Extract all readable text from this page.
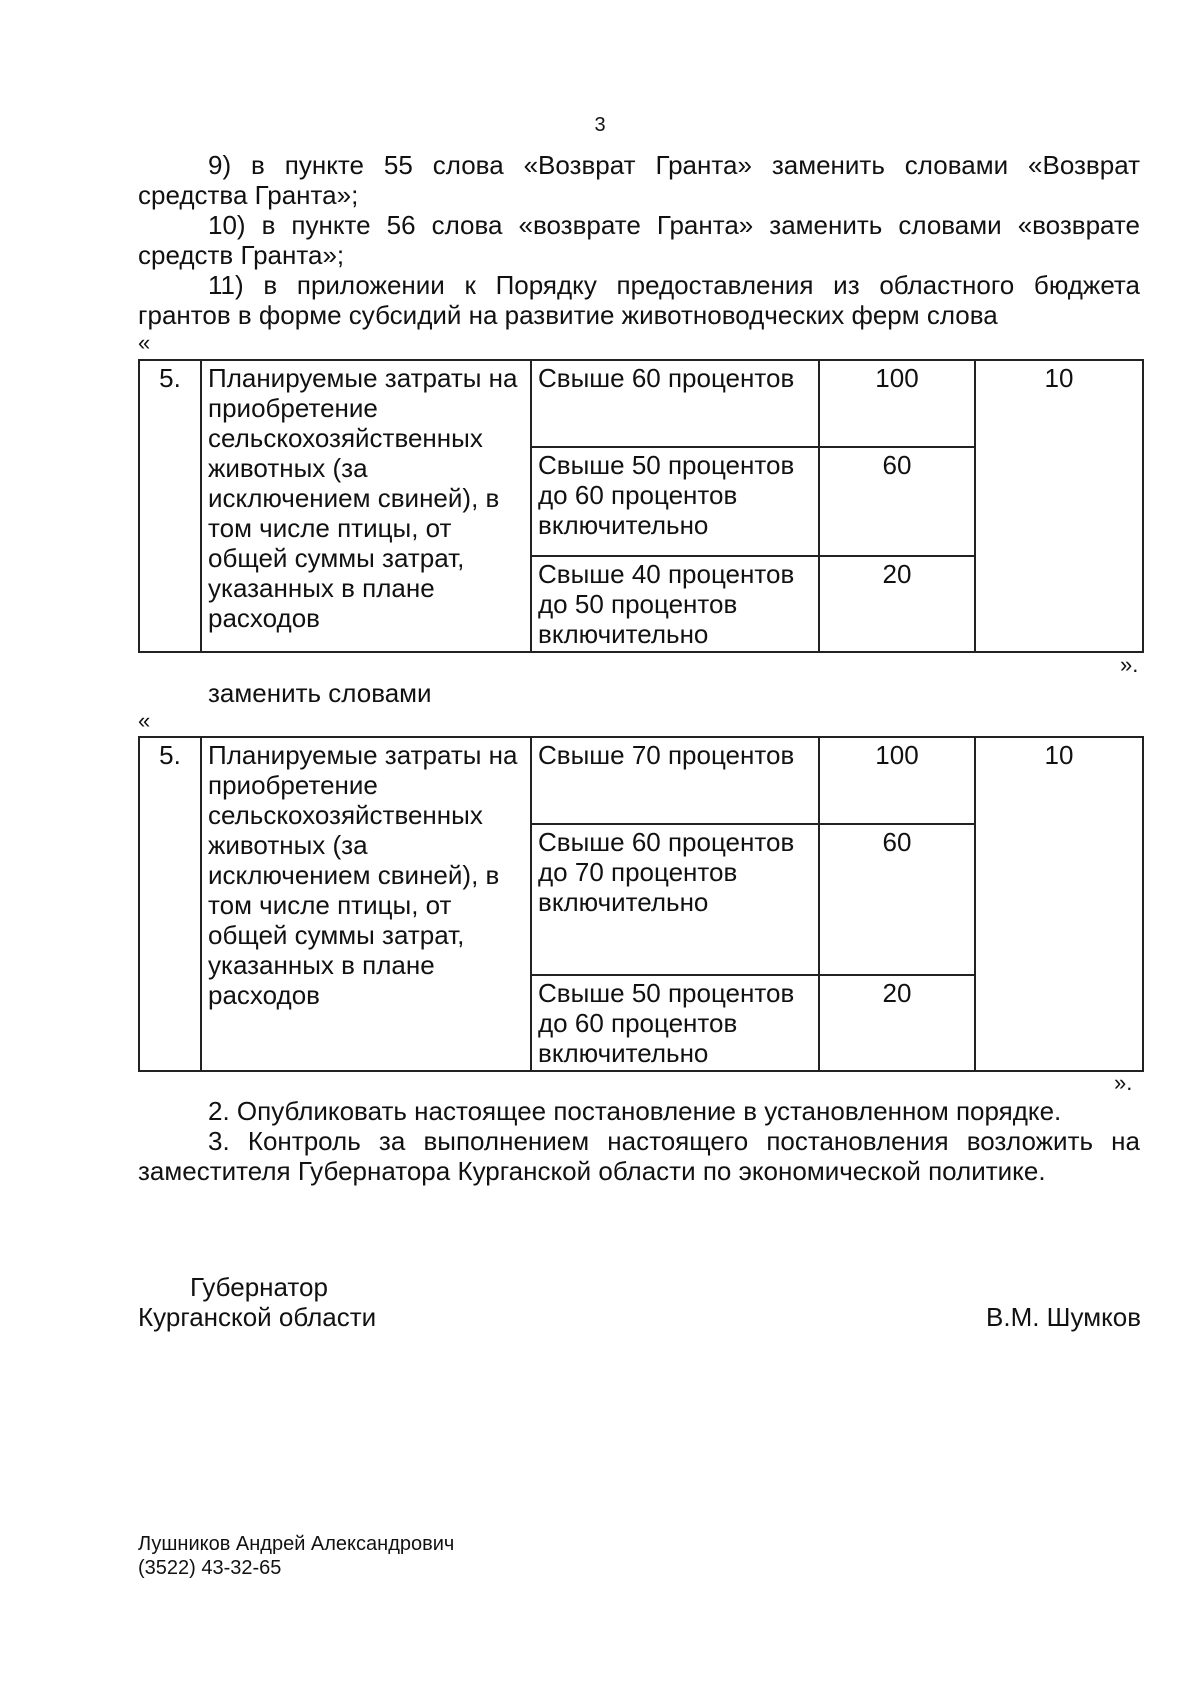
3

9) в пункте 55 слова «Возврат Гранта» заменить словами «Возврат средства Гранта»;

10) в пункте 56 слова «возврате Гранта» заменить словами «возврате средств Гранта»;

11) в приложении к Порядку предоставления из областного бюджета грантов в форме субсидий на развитие животноводческих ферм слова

«
5.	Планируемые затраты на приобретение сельскохозяйственных животных (за исключением свиней), в том числе птицы, от общей суммы затрат, указанных в плане расходов	Свыше 60 процентов	100	10
		Свыше 50 процентов до 60 процентов включительно	60	
		Свыше 40 процентов до 50 процентов включительно	20	
».
заменить словами
«
5.	Планируемые затраты на приобретение сельскохозяйственных животных (за исключением свиней), в том числе птицы, от общей суммы затрат, указанных в плане расходов	Свыше 70 процентов	100	10
		Свыше 60 процентов до 70 процентов включительно	60	
		Свыше 50 процентов до 60 процентов включительно	20	
».

2. Опубликовать настоящее постановление в установленном порядке.

3. Контроль за выполнением настоящего постановления возложить на заместителя Губернатора Курганской области по экономической политике.

Губернатор
Курганской области	В.М. Шумков
Лушников Андрей Александрович
(3522) 43-32-65
